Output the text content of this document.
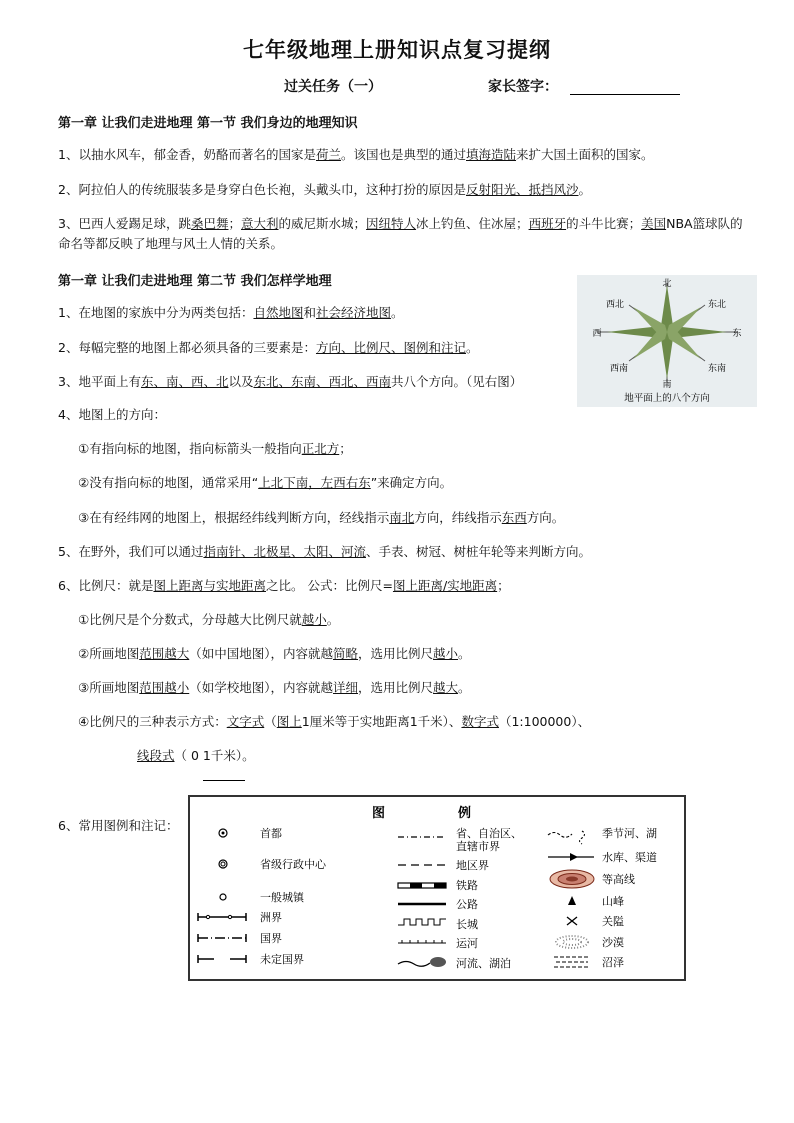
七年级地理上册知识点复习提纲
过关任务（一）	家长签字：
第一章 让我们走进地理 第一节 我们身边的地理知识
1、以抽水风车，郁金香，奶酪而著名的国家是荷兰。该国也是典型的通过填海造陆来扩大国土面积的国家。
2、阿拉伯人的传统服装多是身穿白色长袍，头戴头巾，这种打扮的原因是反射阳光、抵挡风沙。
3、巴西人爱踢足球，跳桑巴舞；意大利的威尼斯水城；因纽特人冰上钓鱼、住冰屋；西班牙的斗牛比赛；美国NBA篮球队的命名等都反映了地理与风土人情的关系。
第一章 让我们走进地理 第二节 我们怎样学地理
1、在地图的家族中分为两类包括：自然地图和社会经济地图。
2、每幅完整的地图上都必须具备的三要素是：方向、比例尺、图例和注记。
3、地平面上有东、南、西、北以及东北、东南、西北、西南共八个方向。（见右图）
4、地图上的方向：
①有指向标的地图，指向标箭头一般指向正北方；
②没有指向标的地图，通常采用“上北下南，左西右东”来确定方向。
③在有经纬网的地图上，根据经纬线判断方向，经线指示南北方向，纬线指示东西方向。
5、在野外，我们可以通过指南针、北极星、太阳、河流、手表、树冠、树桩年轮等来判断方向。
6、比例尺：就是图上距离与实地距离之比。 公式：比例尺=图上距离/实地距离；
①比例尺是个分数式，分母越大比例尺就越小。
②所画地图范围越大（如中国地图），内容就越简略，选用比例尺越小。
③所画地图范围越小（如学校地图），内容就越详细，选用比例尺越大。
④比例尺的三种表示方式：文字式（图上1厘米等于实地距离1千米）、数字式（1:100000）、
线段式（ 0 1千米）。
6、常用图例和注记：
北
南
东
西
东北
西北
东南
西南
地平面上的八个方向
图	例
首都
省级行政中心
一般城镇
洲界
国界
未定国界
省、自治区、
直辖市界
地区界
铁路
公路
长城
运河
河流、湖泊
季节河、湖
水库、渠道
等高线
山峰
关隘
沙漠
沼泽
